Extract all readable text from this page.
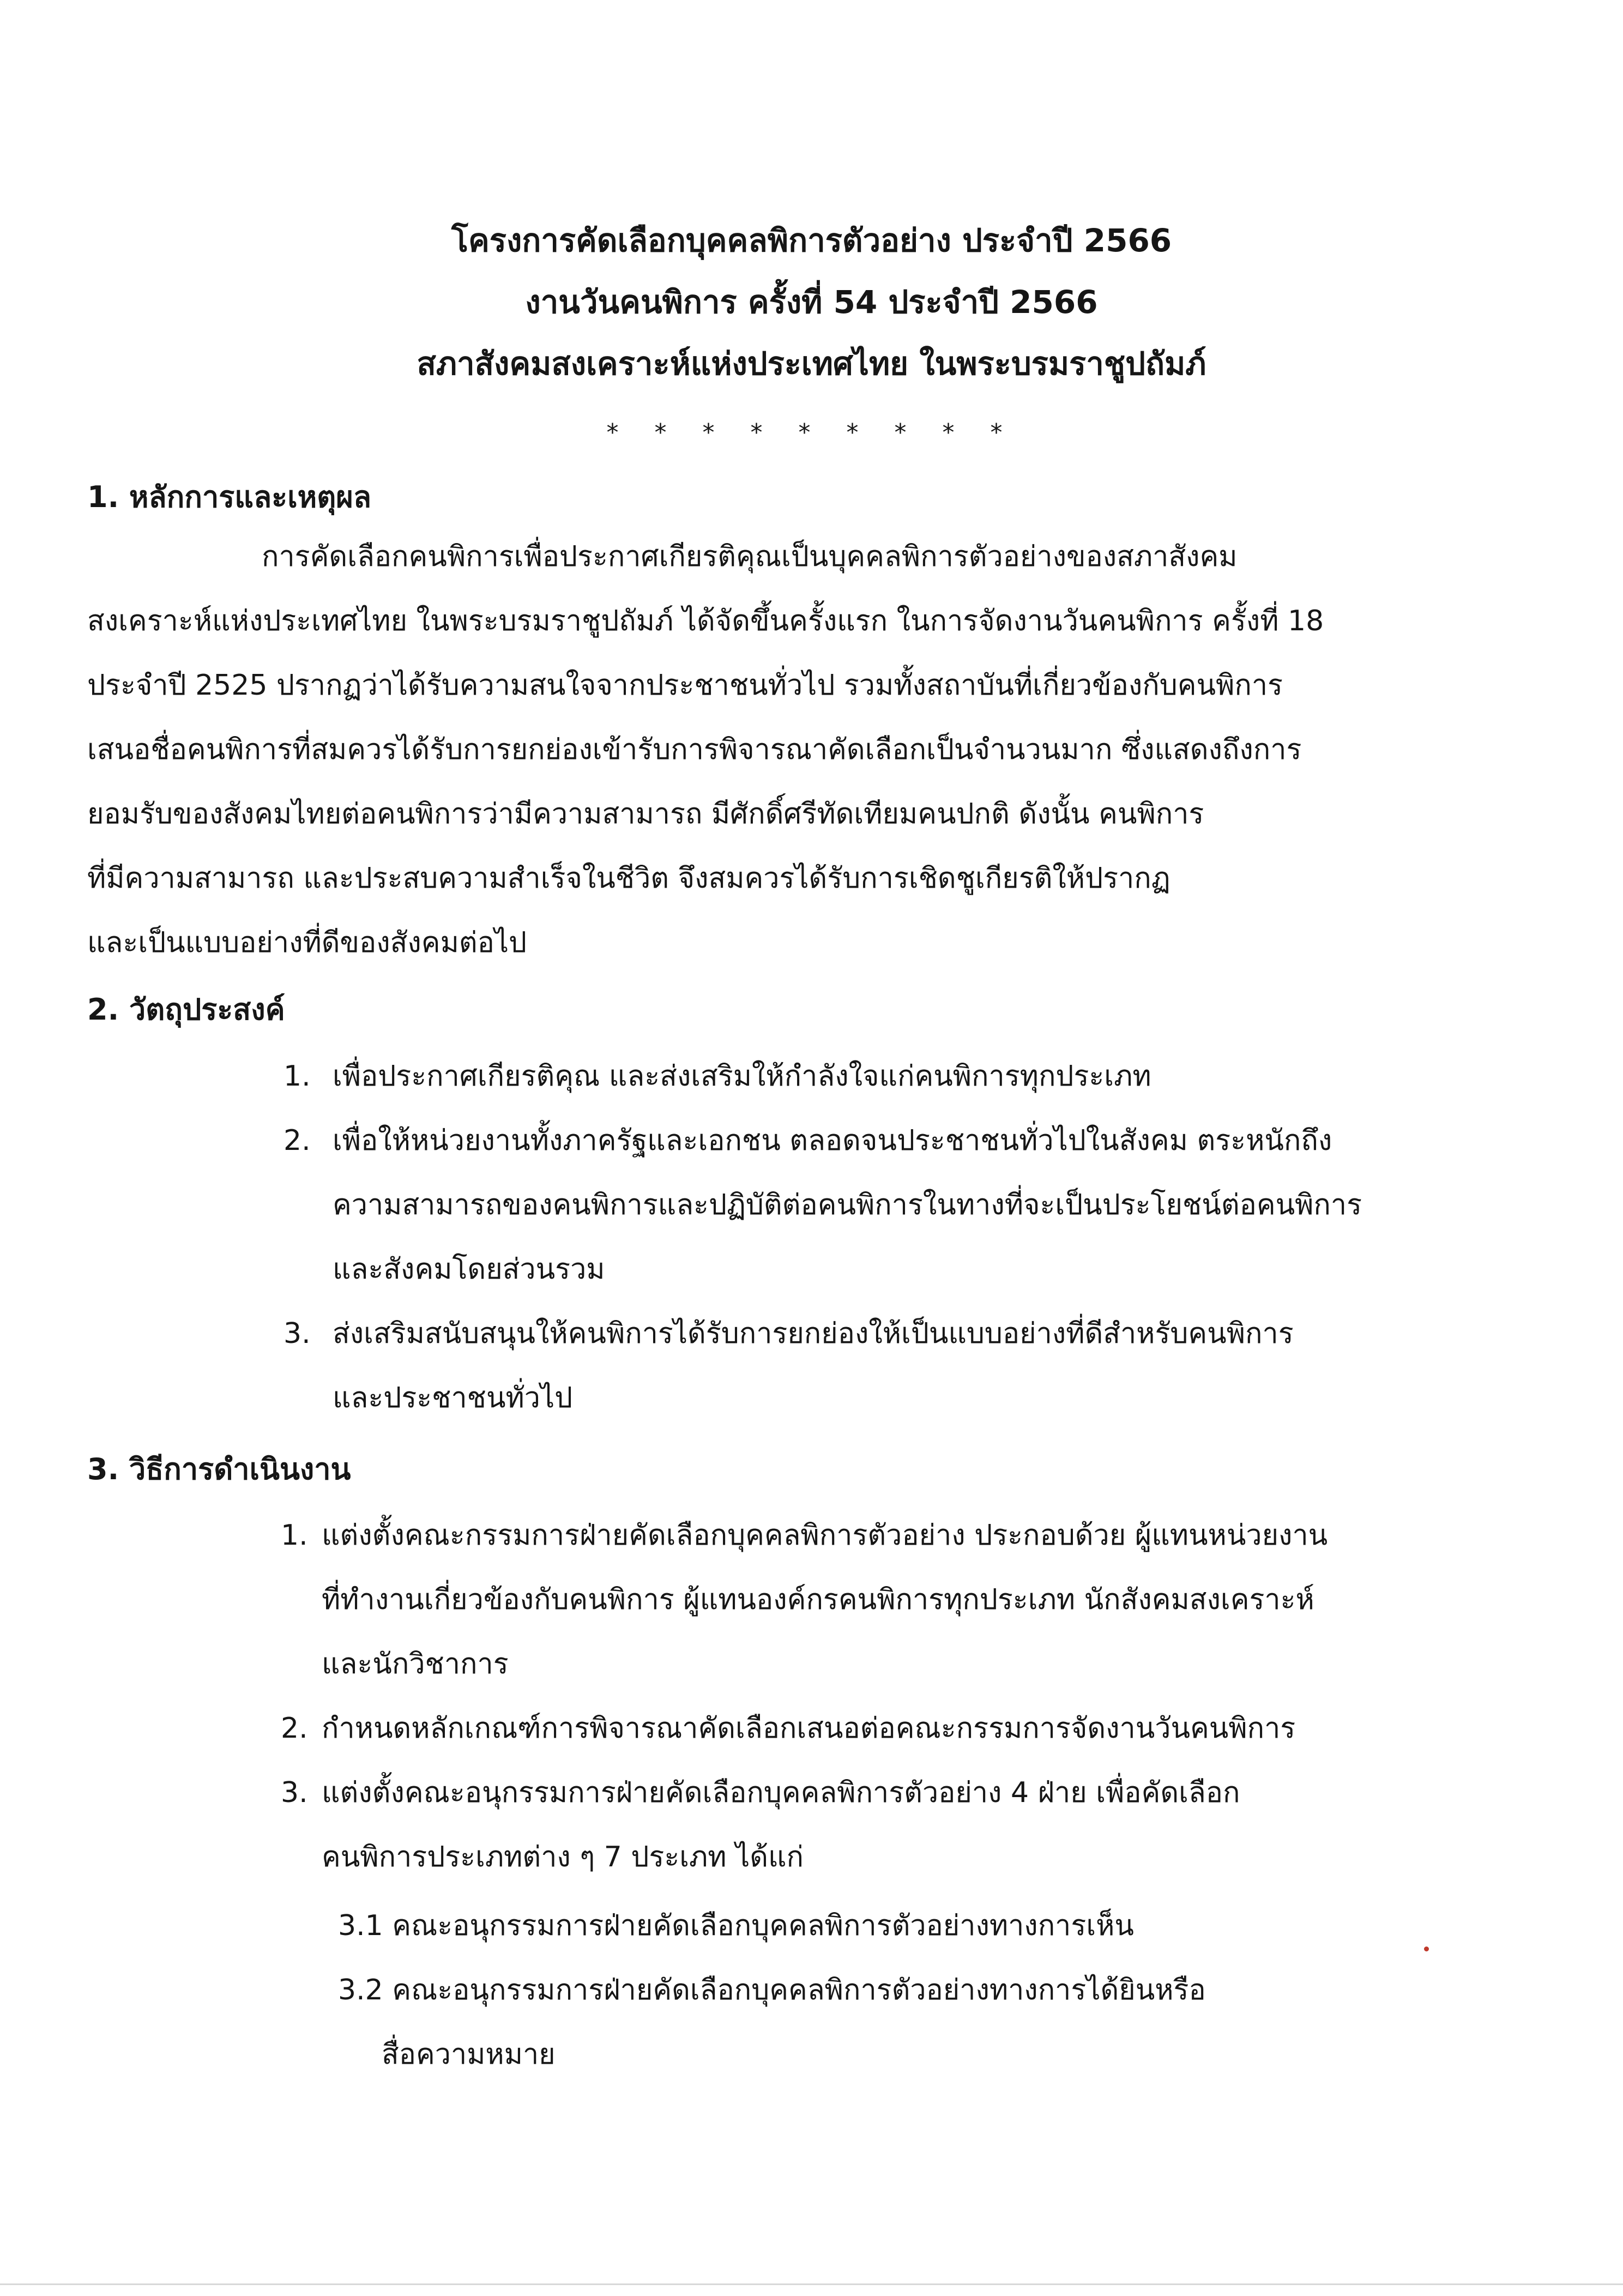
โครงการคัดเลือกบุคคลพิการตัวอย่าง ประจำปี 2566
งานวันคนพิการ ครั้งที่ 54 ประจำปี 2566
สภาสังคมสงเคราะห์แห่งประเทศไทย ในพระบรมราชูปถัมภ์
* * * * * * * * *
1. หลักการและเหตุผล
การคัดเลือกคนพิการเพื่อประกาศเกียรติคุณเป็นบุคคลพิการตัวอย่างของสภาสังคม
สงเคราะห์แห่งประเทศไทย ในพระบรมราชูปถัมภ์ ได้จัดขึ้นครั้งแรก ในการจัดงานวันคนพิการ ครั้งที่ 18
ประจำปี 2525 ปรากฏว่าได้รับความสนใจจากประชาชนทั่วไป รวมทั้งสถาบันที่เกี่ยวข้องกับคนพิการ
เสนอชื่อคนพิการที่สมควรได้รับการยกย่องเข้ารับการพิจารณาคัดเลือกเป็นจำนวนมาก ซึ่งแสดงถึงการ
ยอมรับของสังคมไทยต่อคนพิการว่ามีความสามารถ มีศักดิ์ศรีทัดเทียมคนปกติ ดังนั้น คนพิการ
ที่มีความสามารถ และประสบความสำเร็จในชีวิต จึงสมควรได้รับการเชิดชูเกียรติให้ปรากฏ
และเป็นแบบอย่างที่ดีของสังคมต่อไป
2. วัตถุประสงค์
1. เพื่อประกาศเกียรติคุณ และส่งเสริมให้กำลังใจแก่คนพิการทุกประเภท
2. เพื่อให้หน่วยงานทั้งภาครัฐและเอกชน ตลอดจนประชาชนทั่วไปในสังคม ตระหนักถึง
ความสามารถของคนพิการและปฏิบัติต่อคนพิการในทางที่จะเป็นประโยชน์ต่อคนพิการ
และสังคมโดยส่วนรวม
3. ส่งเสริมสนับสนุนให้คนพิการได้รับการยกย่องให้เป็นแบบอย่างที่ดีสำหรับคนพิการ
และประชาชนทั่วไป
3. วิธีการดำเนินงาน
1. แต่งตั้งคณะกรรมการฝ่ายคัดเลือกบุคคลพิการตัวอย่าง ประกอบด้วย ผู้แทนหน่วยงาน
ที่ทำงานเกี่ยวข้องกับคนพิการ ผู้แทนองค์กรคนพิการทุกประเภท นักสังคมสงเคราะห์
และนักวิชาการ
2. กำหนดหลักเกณฑ์การพิจารณาคัดเลือกเสนอต่อคณะกรรมการจัดงานวันคนพิการ
3. แต่งตั้งคณะอนุกรรมการฝ่ายคัดเลือกบุคคลพิการตัวอย่าง 4 ฝ่าย เพื่อคัดเลือก
คนพิการประเภทต่าง ๆ 7 ประเภท ได้แก่
3.1 คณะอนุกรรมการฝ่ายคัดเลือกบุคคลพิการตัวอย่างทางการเห็น
3.2 คณะอนุกรรมการฝ่ายคัดเลือกบุคคลพิการตัวอย่างทางการได้ยินหรือ
สื่อความหมาย
